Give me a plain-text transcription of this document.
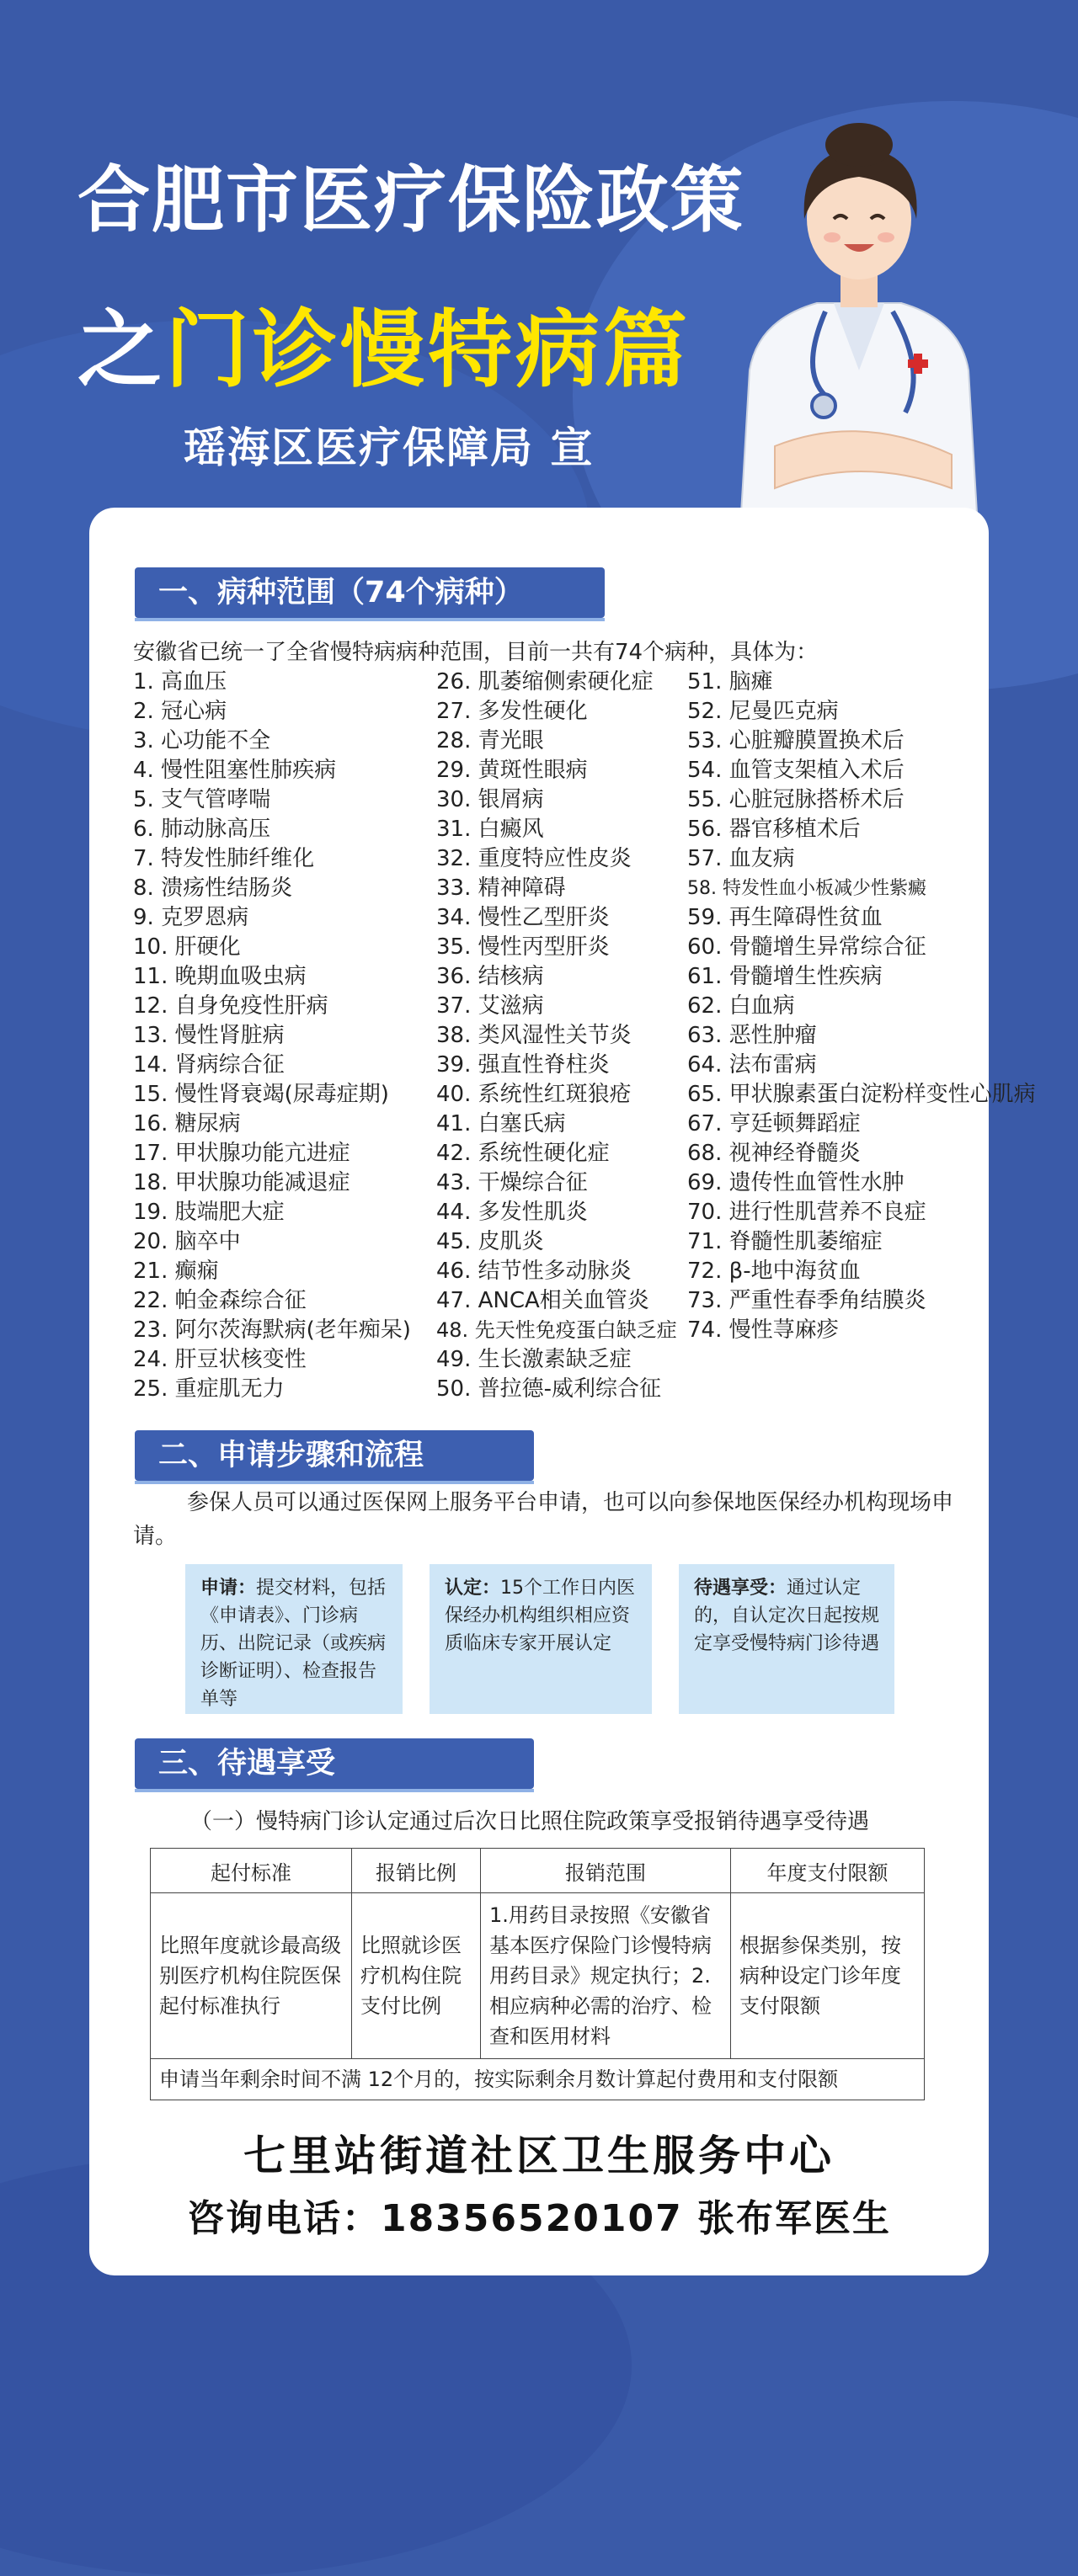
合肥市医疗保险政策
之门诊慢特病篇
瑶海区医疗保障局 宣
一、病种范围（74个病种）
安徽省已统一了全省慢特病病种范围，目前一共有74个病种，具体为：
1. 高血压
2. 冠心病
3. 心功能不全
4. 慢性阻塞性肺疾病
5. 支气管哮喘
6. 肺动脉高压
7. 特发性肺纤维化
8. 溃疡性结肠炎
9. 克罗恩病
10. 肝硬化
11. 晚期血吸虫病
12. 自身免疫性肝病
13. 慢性肾脏病
14. 肾病综合征
15. 慢性肾衰竭(尿毒症期)
16. 糖尿病
17. 甲状腺功能亢进症
18. 甲状腺功能减退症
19. 肢端肥大症
20. 脑卒中
21. 癫痫
22. 帕金森综合征
23. 阿尔茨海默病(老年痴呆)
24. 肝豆状核变性
25. 重症肌无力
26. 肌萎缩侧索硬化症
27. 多发性硬化
28. 青光眼
29. 黄斑性眼病
30. 银屑病
31. 白癜风
32. 重度特应性皮炎
33. 精神障碍
34. 慢性乙型肝炎
35. 慢性丙型肝炎
36. 结核病
37. 艾滋病
38. 类风湿性关节炎
39. 强直性脊柱炎
40. 系统性红斑狼疮
41. 白塞氏病
42. 系统性硬化症
43. 干燥综合征
44. 多发性肌炎
45. 皮肌炎
46. 结节性多动脉炎
47. ANCA相关血管炎
48. 先天性免疫蛋白缺乏症
49. 生长激素缺乏症
50. 普拉德-威利综合征
51. 脑瘫
52. 尼曼匹克病
53. 心脏瓣膜置换术后
54. 血管支架植入术后
55. 心脏冠脉搭桥术后
56. 器官移植术后
57. 血友病
58. 特发性血小板减少性紫癜
59. 再生障碍性贫血
60. 骨髓增生异常综合征
61. 骨髓增生性疾病
62. 白血病
63. 恶性肿瘤
64. 法布雷病
65. 甲状腺素蛋白淀粉样变性心肌病
67. 亨廷顿舞蹈症
68. 视神经脊髓炎
69. 遗传性血管性水肿
70. 进行性肌营养不良症
71. 脊髓性肌萎缩症
72. β-地中海贫血
73. 严重性春季角结膜炎
74. 慢性荨麻疹
二、申请步骤和流程
参保人员可以通过医保网上服务平台申请，也可以向参保地医保经办机构现场申请。
申请：提交材料，包括《申请表》、门诊病历、出院记录（或疾病诊断证明）、检查报告单等
认定：15个工作日内医保经办机构组织相应资质临床专家开展认定
待遇享受：通过认定的，自认定次日起按规定享受慢特病门诊待遇
三、待遇享受
（一）慢特病门诊认定通过后次日比照住院政策享受报销待遇享受待遇
起付标准	报销比例	报销范围	年度支付限额
比照年度就诊最高级别医疗机构住院医保起付标准执行	比照就诊医疗机构住院支付比例	1.用药目录按照《安徽省基本医疗保险门诊慢特病用药目录》规定执行；2. 相应病种必需的治疗、检查和医用材料	根据参保类别，按病种设定门诊年度支付限额
申请当年剩余时间不满 12个月的，按实际剩余月数计算起付费用和支付限额			
七里站街道社区卫生服务中心
咨询电话：18356520107 张布军医生
